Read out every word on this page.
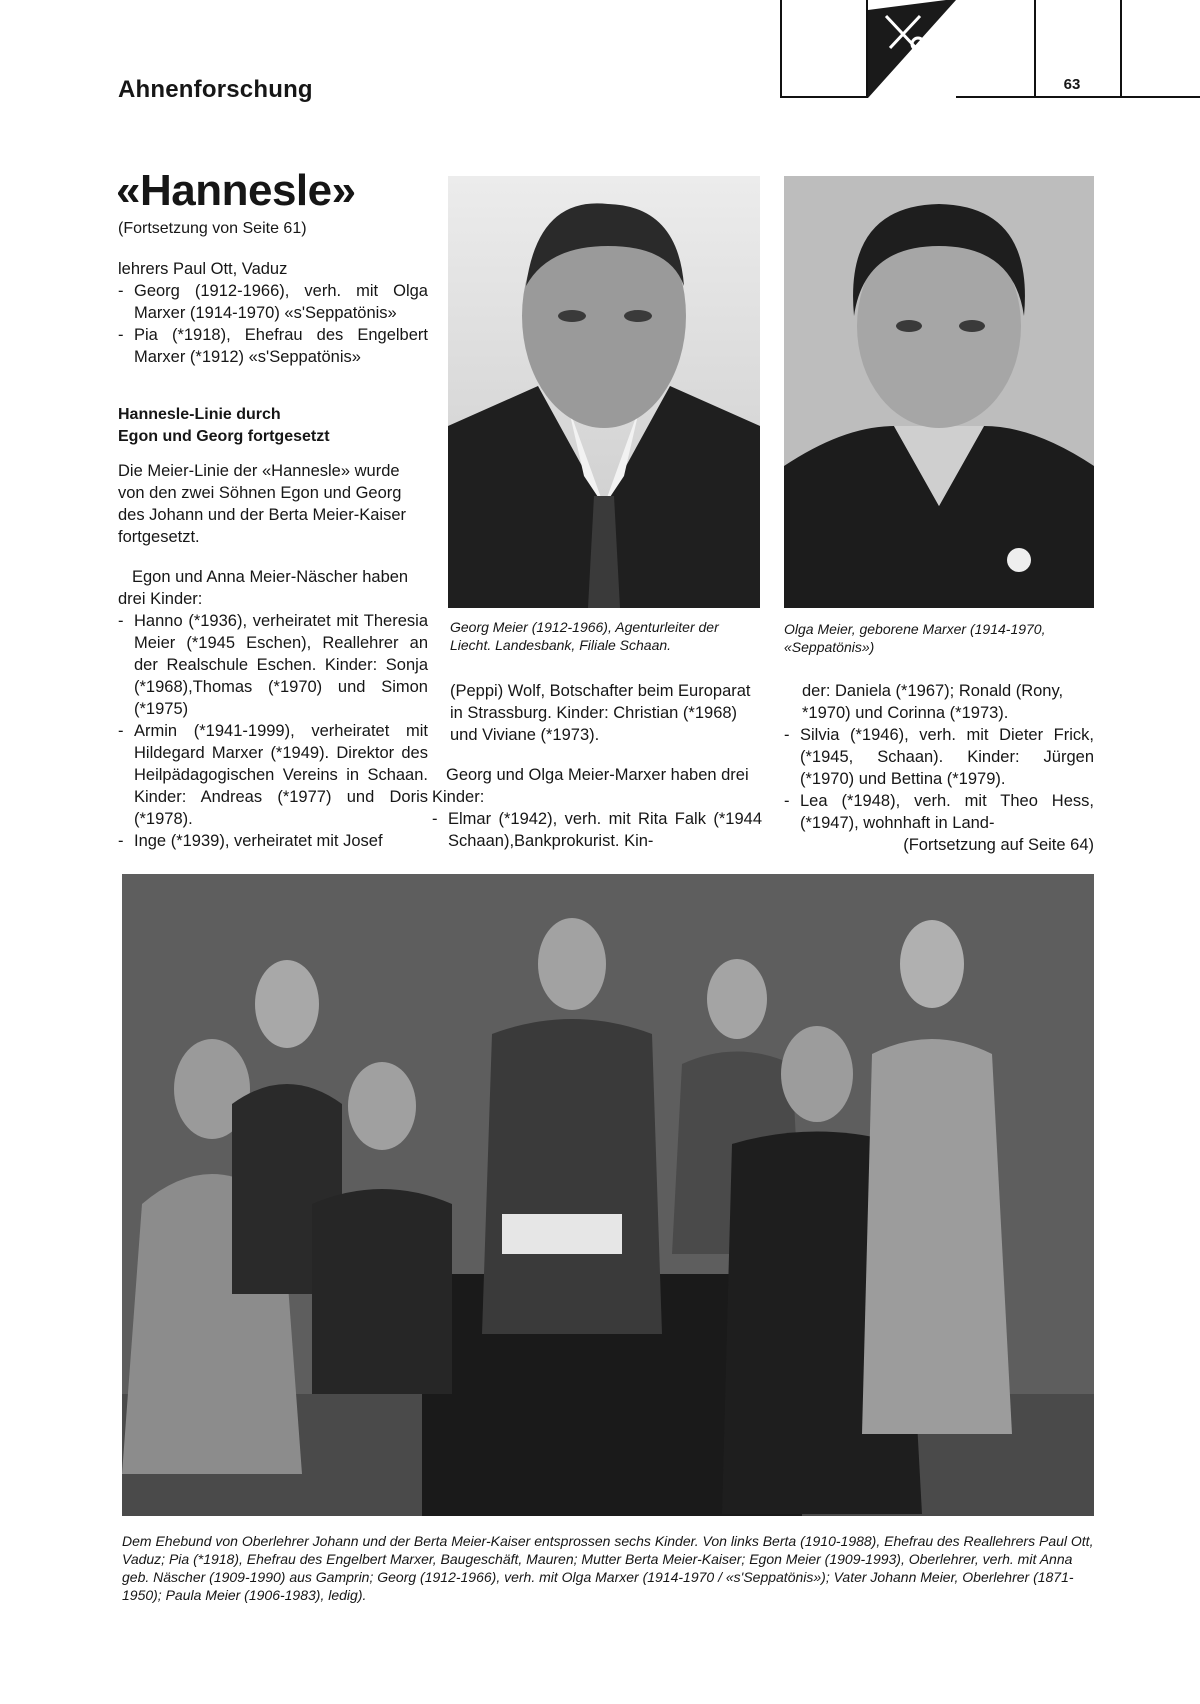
63
Ahnenforschung
«Hannesle»
(Fortsetzung von Seite 61)

lehrers Paul Ott, Vaduz

- Georg (1912-1966), verh. mit Olga Marxer (1914-1970) «s'Seppatönis»
- Pia (*1918), Ehefrau des Engelbert Marxer (*1912) «s'Seppatönis»
Hannesle-Linie durch
Egon und Georg fortgesetzt

Die Meier-Linie der «Hannesle» wurde von den zwei Söhnen Egon und Georg des Johann und der Berta Meier-Kaiser fortgesetzt.

Egon und Anna Meier-Näscher haben drei Kinder:

- Hanno (*1936), verheiratet mit Theresia Meier (*1945 Eschen), Reallehrer an der Realschule Eschen. Kinder: Sonja (*1968),Thomas (*1970) und Simon (*1975)
- Armin (*1941-1999), verheiratet mit Hildegard Marxer (*1949). Direktor des Heilpädagogischen Vereins in Schaan. Kinder: Andreas (*1977) und Doris (*1978).
- Inge (*1939), verheiratet mit Josef
Georg Meier (1912-1966), Agenturleiter der Liecht. Landesbank, Filiale Schaan.
Olga Meier, geborene Marxer (1914-1970, «Seppatönis»)

(Peppi) Wolf, Botschafter beim Europarat in Strassburg. Kinder: Christian (*1968) und Viviane (*1973).

Georg und Olga Meier-Marxer haben drei Kinder:

- Elmar (*1942), verh. mit Rita Falk (*1944 Schaan),Bankprokurist. Kin-

der: Daniela (*1967); Ronald (Rony, *1970) und Corinna (*1973).

- Silvia (*1946), verh. mit Dieter Frick, (*1945, Schaan). Kinder: Jürgen (*1970) und Bettina (*1979).
- Lea (*1948), verh. mit Theo Hess,(*1947), wohnhaft in Land-

(Fortsetzung auf Seite 64)

Dem Ehebund von Oberlehrer Johann und der Berta Meier-Kaiser entsprossen sechs Kinder. Von links Berta (1910-1988), Ehefrau des Reallehrers Paul Ott, Vaduz; Pia (*1918), Ehefrau des Engelbert Marxer, Baugeschäft, Mauren; Mutter Berta Meier-Kaiser; Egon Meier (1909-1993), Oberlehrer, verh. mit Anna geb. Näscher (1909-1990) aus Gamprin; Georg (1912-1966), verh. mit Olga Marxer (1914-1970 / «s'Seppatönis»); Vater Johann Meier, Oberlehrer (1871-1950); Paula Meier (1906-1983), ledig).
